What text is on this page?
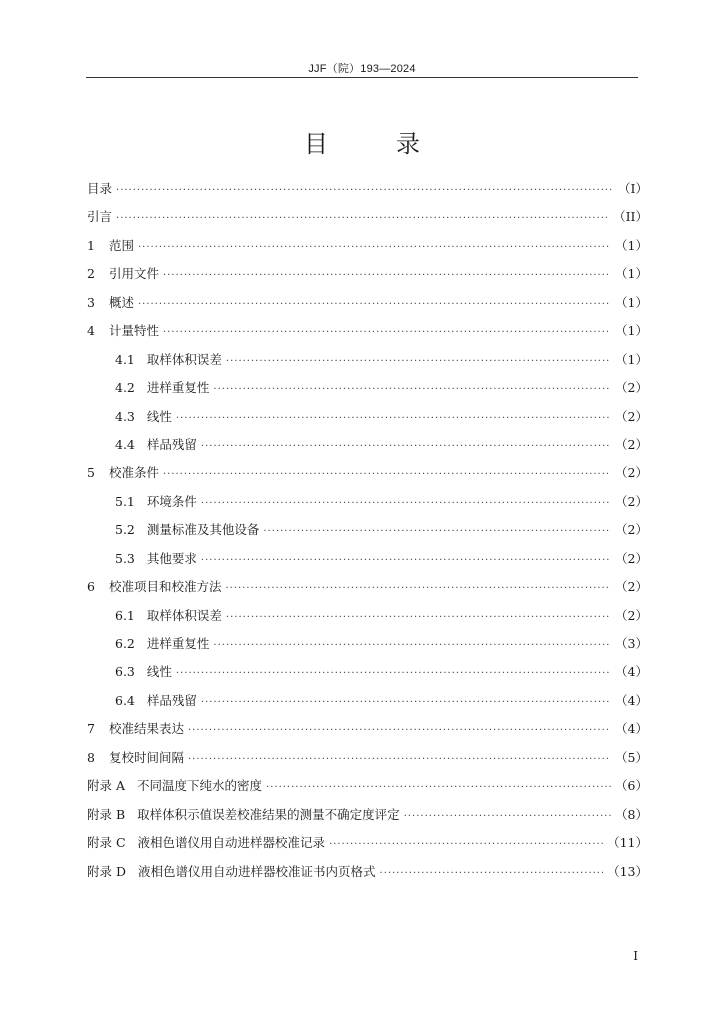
JJF（院）193—2024
目　录
目录 ·····	（I）
引言 ·····	（II）
1 范围 ·····	（1）
2 引用文件 ·····	（1）
3 概述 ·····	（1）
4 计量特性 ·····	（1）
4.1 取样体积误差 ·····	（1）
4.2 进样重复性 ·····	（2）
4.3 线性 ·····	（2）
4.4 样品残留 ·····	（2）
5 校准条件 ·····	（2）
5.1 环境条件 ·····	（2）
5.2 测量标准及其他设备 ·····	（2）
5.3 其他要求 ·····	（2）
6 校准项目和校准方法 ·····	（2）
6.1 取样体积误差 ·····	（2）
6.2 进样重复性 ·····	（3）
6.3 线性 ·····	（4）
6.4 样品残留 ·····	（4）
7 校准结果表达 ·····	（4）
8 复校时间间隔 ·····	（5）
附录 A 不同温度下纯水的密度 ·····	（6）
附录 B 取样体积示值误差校准结果的测量不确定度评定 ·····	（8）
附录 C 液相色谱仪用自动进样器校准记录 ·····	（11）
附录 D 液相色谱仪用自动进样器校准证书内页格式 ·····	（13）
I
